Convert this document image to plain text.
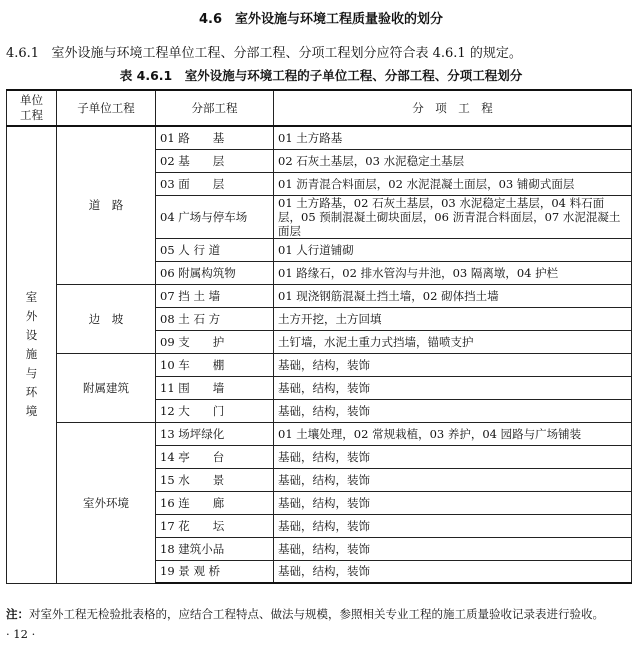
4.6　室外设施与环境工程质量验收的划分
4.6.1 室外设施与环境工程单位工程、分部工程、分项工程划分应符合表 4.6.1 的规定。
表 4.6.1　室外设施与环境工程的子单位工程、分部工程、分项工程划分
单位工程	子单位工程	分部工程	分　项　工　程

室外设施与环境	道　路	01 路　　基	01 土方路基
		02 基　　层	02 石灰土基层，03 水泥稳定土基层
		03 面　　层	01 沥青混合料面层，02 水泥混凝土面层，03 铺砌式面层
		04 广场与停车场	01 土方路基，02 石灰土基层，03 水泥稳定土基层，04 料石面层，05 预制混凝土砌块面层，06 沥青混合料面层，07 水泥混凝土面层
		05 人 行 道	01 人行道铺砌
		06 附属构筑物	01 路缘石，02 排水管沟与井池，03 隔离墩，04 护栏
	边　坡	07 挡 土 墙	01 现浇钢筋混凝土挡土墙，02 砌体挡土墙
		08 土 石 方	土方开挖，土方回填
		09 支　　护	土钉墙，水泥土重力式挡墙，锚喷支护
	附属建筑	10 车　　棚	基础，结构，装饰
		11 围　　墙	基础，结构，装饰
		12 大　　门	基础，结构，装饰
	室外环境	13 场坪绿化	01 土壤处理，02 常规栽植，03 养护，04 园路与广场铺装
		14 亭　　台	基础，结构，装饰
		15 水　　景	基础，结构，装饰
		16 连　　廊	基础，结构，装饰
		17 花　　坛	基础，结构，装饰
		18 建筑小品	基础，结构，装饰
		19 景 观 桥	基础，结构，装饰
注：对室外工程无检验批表格的，应结合工程特点、做法与规模，参照相关专业工程的施工质量验收记录表进行验收。
· 12 ·
